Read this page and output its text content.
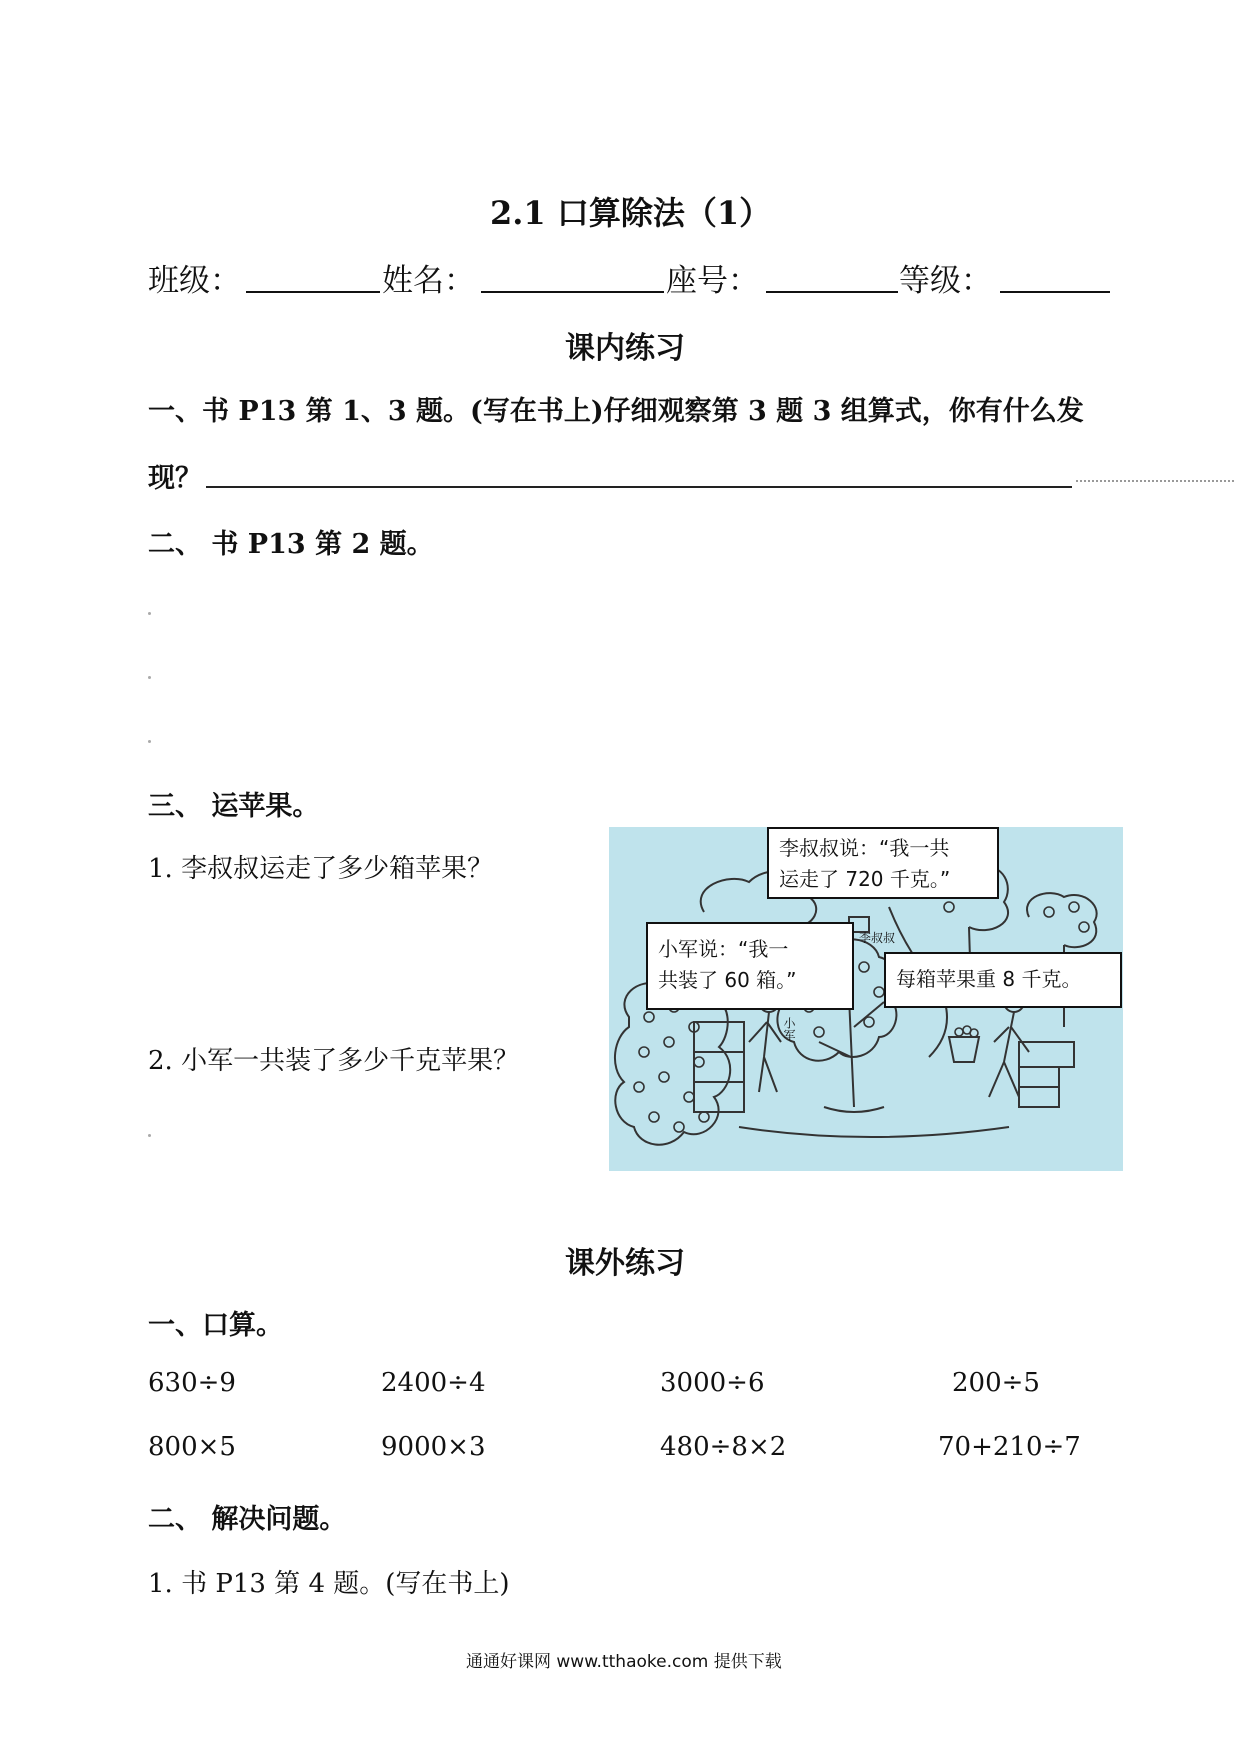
2.1 口算除法（1）
班级：	姓名：	座号：	等级：
课内练习
一、书 P13 第 1、3 题。(写在书上)仔细观察第 3 题 3 组算式，你有什么发
现？
二、 书 P13 第 2 题。
三、 运苹果。
1. 李叔叔运走了多少箱苹果？
2. 小军一共装了多少千克苹果？
李叔叔说：“我一共
运走了 720 千克。”
小军说：“我一
共装了 60 箱。”	每箱苹果重 8 千克。
李叔叔
小军
课外练习
一、口算。
630÷9	2400÷4	3000÷6	200÷5
800×5	9000×3	480÷8×2	70+210÷7
二、 解决问题。
1. 书 P13 第 4 题。(写在书上)
通通好课网 www.tthaoke.com 提供下载
